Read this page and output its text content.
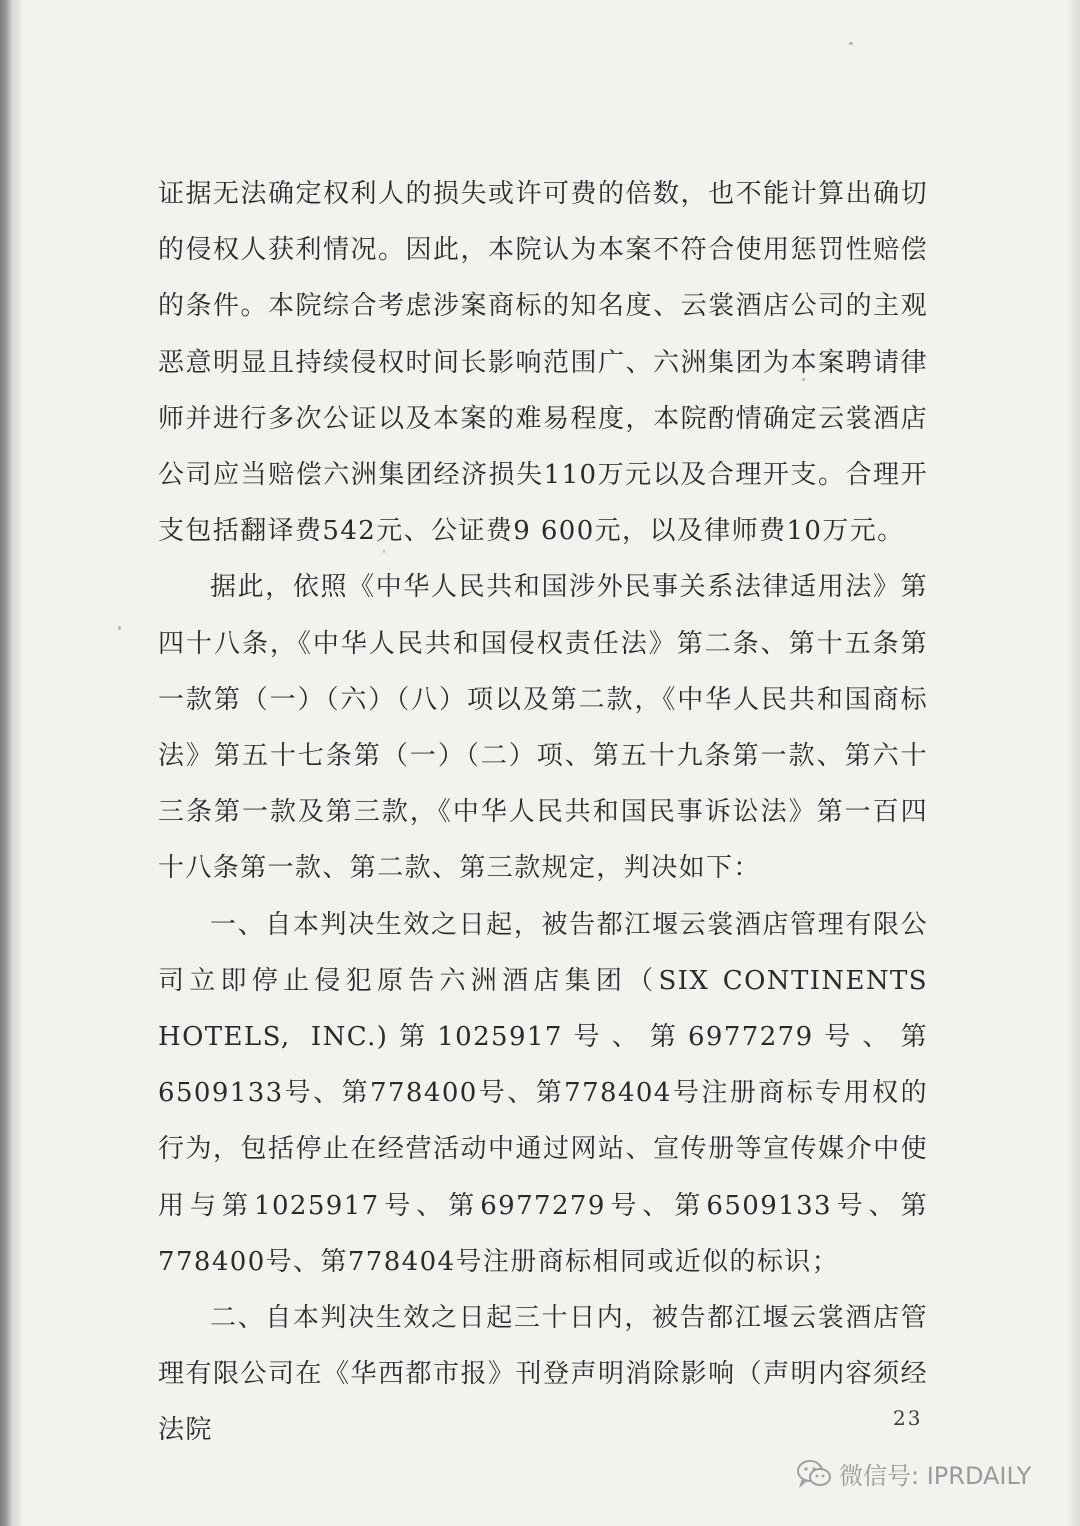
证据无法确定权利人的损失或许可费的倍数，也不能计算出确切的侵权人获利情况。因此，本院认为本案不符合使用惩罚性赔偿的条件。本院综合考虑涉案商标的知名度、云裳酒店公司的主观恶意明显且持续侵权时间长影响范围广、六洲集团为本案聘请律师并进行多次公证以及本案的难易程度，本院酌情确定云裳酒店公司应当赔偿六洲集团经济损失110万元以及合理开支。合理开支包括翻译费542元、公证费9 600元，以及律师费10万元。

据此，依照《中华人民共和国涉外民事关系法律适用法》第四十八条，《中华人民共和国侵权责任法》第二条、第十五条第一款第（一）（六）（八）项以及第二款，《中华人民共和国商标法》第五十七条第（一）（二）项、第五十九条第一款、第六十三条第一款及第三款，《中华人民共和国民事诉讼法》第一百四十八条第一款、第二款、第三款规定，判决如下：

一、自本判决生效之日起，被告都江堰云裳酒店管理有限公司立即停止侵犯原告六洲酒店集团（SIX CONTINENTS HOTELS, INC.)第1025917号、第6977279号、第6509133号、第778400号、第778404号注册商标专用权的行为，包括停止在经营活动中通过网站、宣传册等宣传媒介中使用与第1025917号、第6977279号、第6509133号、第778400号、第778404号注册商标相同或近似的标识；

二、自本判决生效之日起三十日内，被告都江堰云裳酒店管理有限公司在《华西都市报》刊登声明消除影响（声明内容须经法院	23
微信号: IPRDAILY
